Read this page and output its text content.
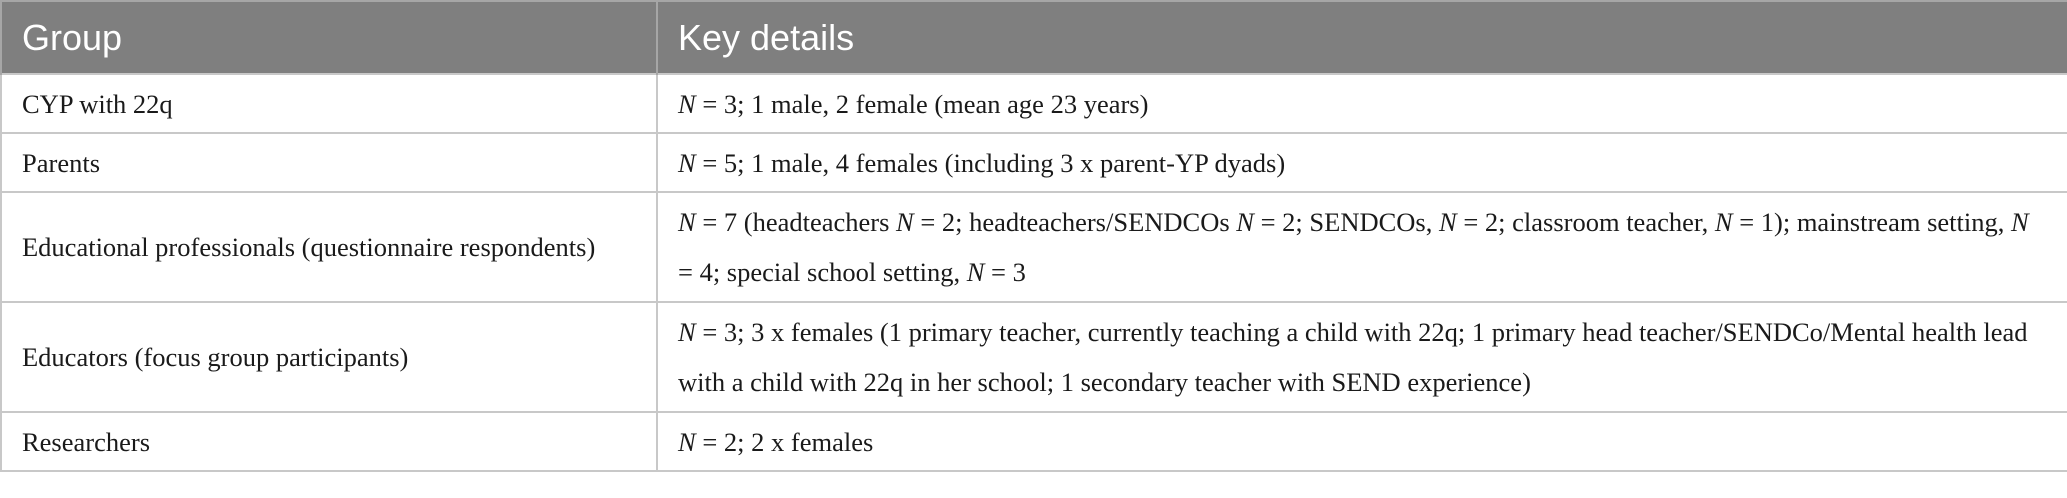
Group	Key details
CYP with 22q	N = 3; 1 male, 2 female (mean age 23 years)
Parents	N = 5; 1 male, 4 females (including 3 x parent-YP dyads)
Educational professionals (questionnaire respondents)	N = 7 (headteachers N = 2; headteachers/SENDCOs N = 2; SENDCOs, N = 2; classroom teacher, N = 1); mainstream setting, N = 4; special school setting, N = 3
Educators (focus group participants)	N = 3; 3 x females (1 primary teacher, currently teaching a child with 22q; 1 primary head teacher/SENDCo/Mental health lead with a child with 22q in her school; 1 secondary teacher with SEND experience)
Researchers	N = 2; 2 x females
